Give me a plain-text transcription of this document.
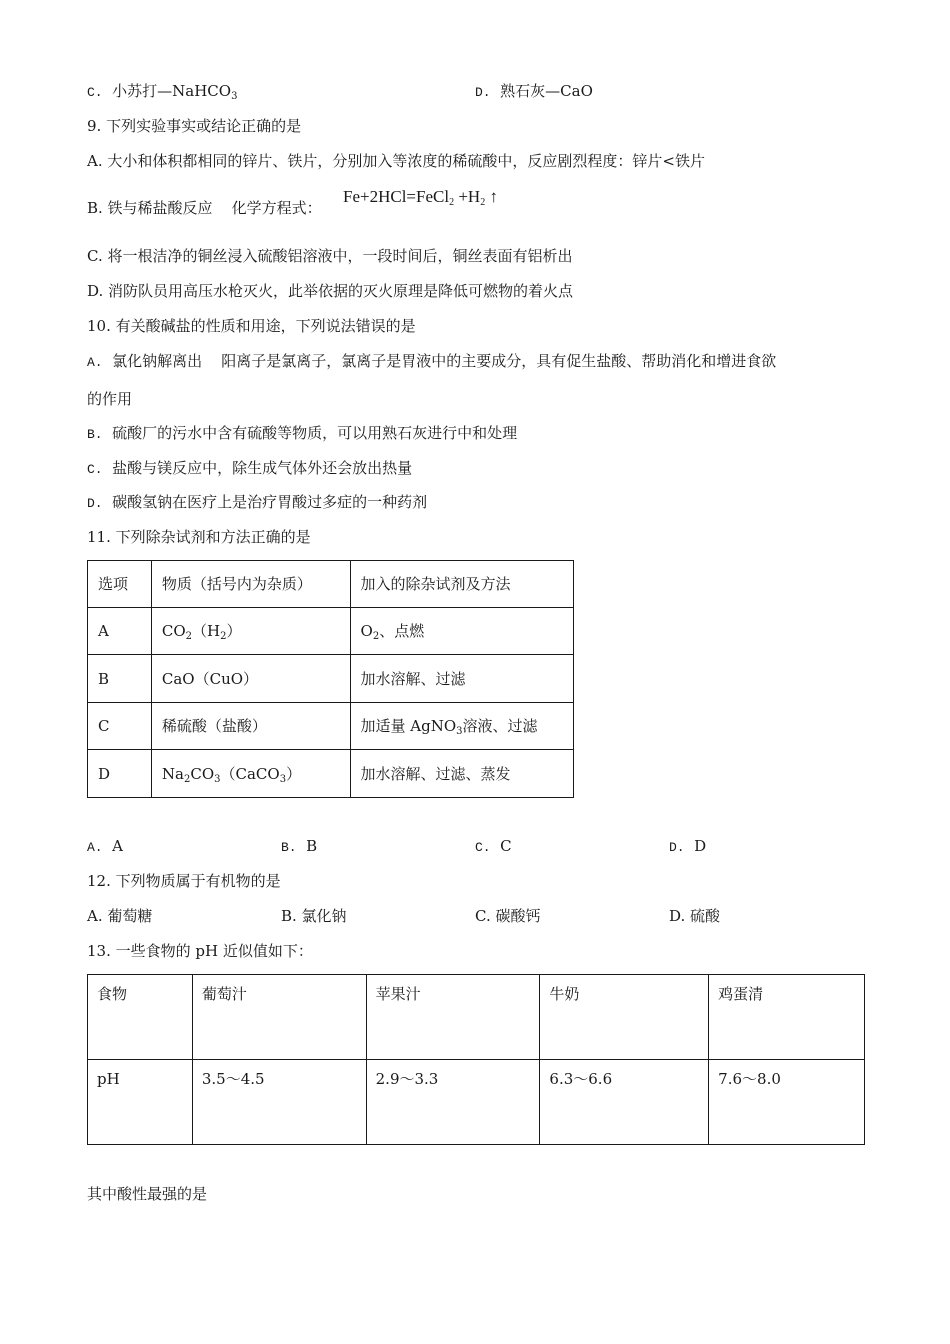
C. 小苏打—NaHCO$_3$	D. 熟石灰—CaO
9. 下列实验事实或结论正确的是
A. 大小和体积都相同的锌片、铁片，分别加入等浓度的稀硫酸中，反应剧烈程度：锌片<铁片
B. 铁与稀盐酸反应    化学方程式：
Fe+2HCl=FeCl$_2$ $+H_2$ ↑
C. 将一根洁净的铜丝浸入硫酸铝溶液中，一段时间后，铜丝表面有铝析出
D. 消防队员用高压水枪灭火，此举依据的灭火原理是降低可燃物的着火点
10. 有关酸碱盐的性质和用途，下列说法错误的是
A. 氯化钠解离出    阳离子是氯离子，氯离子是胃液中的主要成分，具有促生盐酸、帮助消化和增进食欲
的作用
B. 硫酸厂的污水中含有硫酸等物质，可以用熟石灰进行中和处理
C. 盐酸与镁反应中，除生成气体外还会放出热量
D. 碳酸氢钠在医疗上是治疗胃酸过多症的一种药剂
11. 下列除杂试剂和方法正确的是
选项	物质（括号内为杂质）	加入的除杂试剂及方法
A	$CO_2(H_2)$	$O_2$、点燃
B	CaO（CuO）	加水溶解、过滤
C	稀硫酸（盐酸）	加适量 AgNO$_3$溶液、过滤
D	$Na_2CO_3(CaCO_3)$	加水溶解、过滤、蒸发
A. A	B. B	C. C	D. D
12. 下列物质属于有机物的是
A. 葡萄糖	B. 氯化钠	C. 碳酸钙	D. 硫酸
13. 一些食物的 pH 近似值如下：
食物	葡萄汁	苹果汁	牛奶	鸡蛋清
pH	3.5～4.5	2.9～3.3	6.3～6.6	7.6～8.0
其中酸性最强的是
